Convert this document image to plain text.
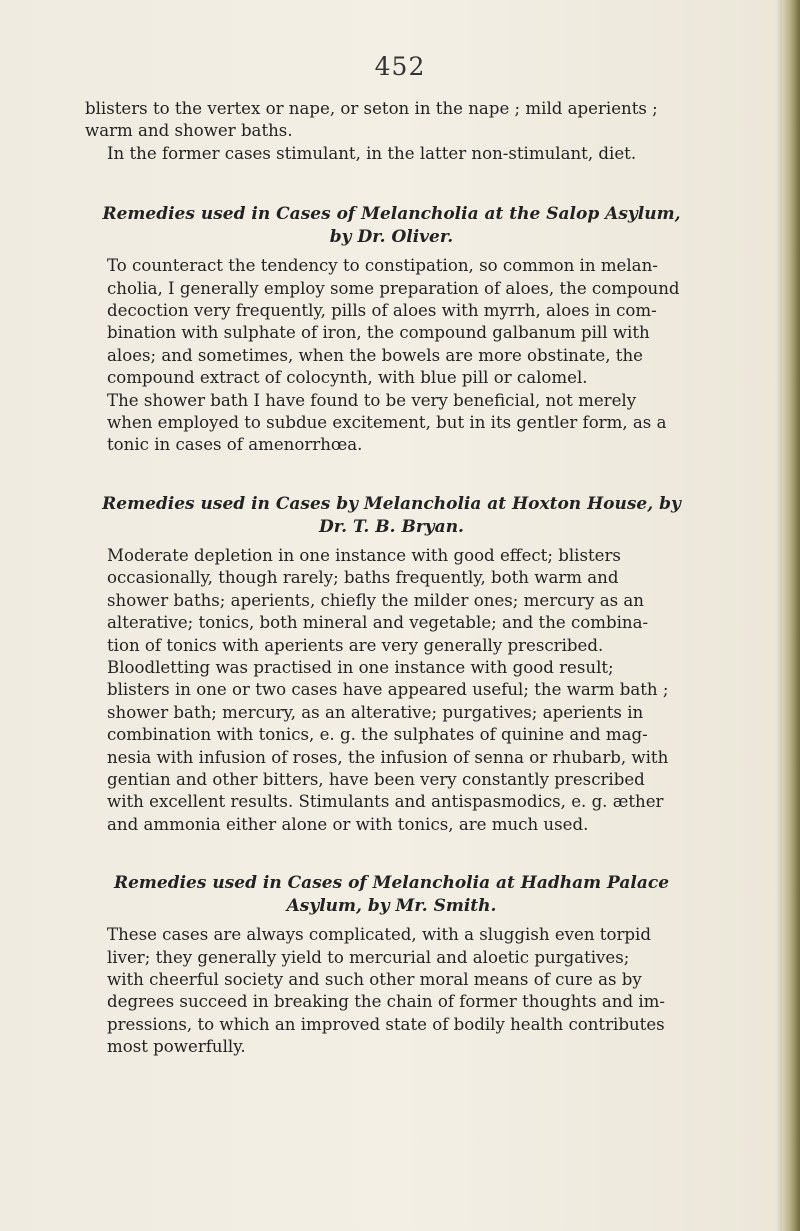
452

blisters to the vertex or nape, or seton in the nape ; mild aperients ;
warm and shower baths.

In the former cases stimulant, in the latter non-stimulant, diet.

Remedies used in Cases of Melancholia at the Salop Asylum,
by Dr. Oliver.

To counteract the tendency to constipation, so common in melan-
cholia, I generally employ some preparation of aloes, the compound
decoction very frequently, pills of aloes with myrrh, aloes in com-
bination with sulphate of iron, the compound galbanum pill with
aloes; and sometimes, when the bowels are more obstinate, the
compound extract of colocynth, with blue pill or calomel.

The shower bath I have found to be very beneficial, not merely
when employed to subdue excitement, but in its gentler form, as a
tonic in cases of amenorrhœa.

Remedies used in Cases by Melancholia at Hoxton House, by
Dr. T. B. Bryan.

Moderate depletion in one instance with good effect; blisters
occasionally, though rarely; baths frequently, both warm and
shower baths; aperients, chiefly the milder ones; mercury as an
alterative; tonics, both mineral and vegetable; and the combina-
tion of tonics with aperients are very generally prescribed.

Bloodletting was practised in one instance with good result;
blisters in one or two cases have appeared useful; the warm bath ;
shower bath; mercury, as an alterative; purgatives; aperients in
combination with tonics, e. g. the sulphates of quinine and mag-
nesia with infusion of roses, the infusion of senna or rhubarb, with
gentian and other bitters, have been very constantly prescribed
with excellent results. Stimulants and antispasmodics, e. g. æther
and ammonia either alone or with tonics, are much used.

Remedies used in Cases of Melancholia at Hadham Palace
Asylum, by Mr. Smith.

These cases are always complicated, with a sluggish even torpid
liver; they generally yield to mercurial and aloetic purgatives;
with cheerful society and such other moral means of cure as by
degrees succeed in breaking the chain of former thoughts and im-
pressions, to which an improved state of bodily health contributes
most powerfully.
